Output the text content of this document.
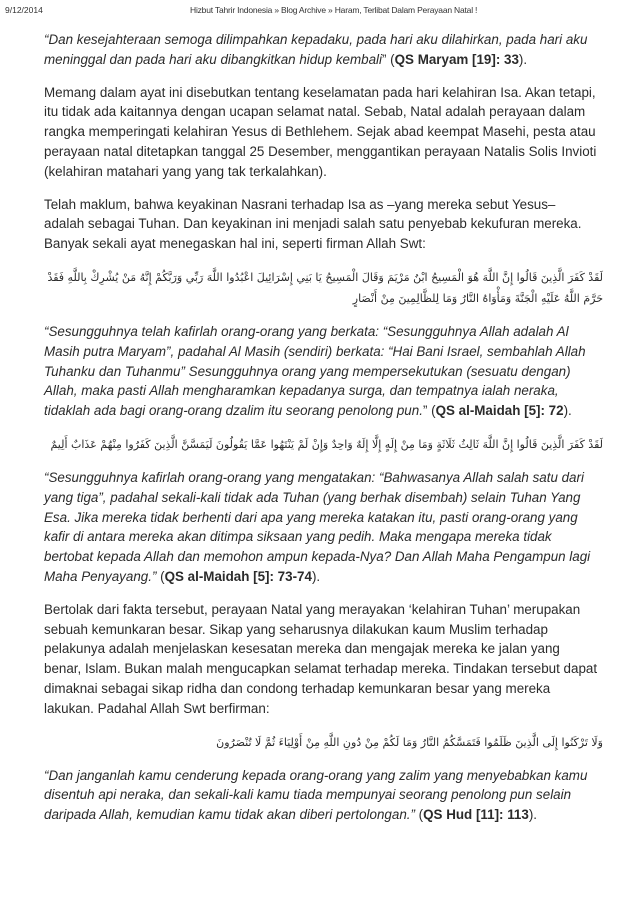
9/12/2014	Hizbut Tahrir Indonesia » Blog Archive » Haram, Terlibat Dalam Perayaan Natal !

“Dan kesejahteraan semoga dilimpahkan kepadaku, pada hari aku dilahirkan, pada hari aku meninggal dan pada hari aku dibangkitkan hidup kembali” (QS Maryam [19]: 33).

Memang dalam ayat ini disebutkan tentang keselamatan pada hari kelahiran Isa. Akan tetapi, itu tidak ada kaitannya dengan ucapan selamat natal. Sebab, Natal adalah perayaan dalam rangka memperingati kelahiran Yesus di Bethlehem. Sejak abad keempat Masehi, pesta atau perayaan natal ditetapkan tanggal 25 Desember, menggantikan perayaan Natalis Solis Invioti (kelahiran matahari yang yang tak terkalahkan).

Telah maklum, bahwa keyakinan Nasrani terhadap Isa as –yang mereka sebut Yesus– adalah sebagai Tuhan. Dan keyakinan ini menjadi salah satu penyebab kekufuran mereka. Banyak sekali ayat menegaskan hal ini, seperti firman Allah Swt:

لَقَدْ كَفَرَ الَّذِينَ قَالُوا إِنَّ اللَّهَ هُوَ الْمَسِيحُ ابْنُ مَرْيَمَ وَقَالَ الْمَسِيحُ يَا بَنِي إِسْرَائِيلَ اعْبُدُوا اللَّهَ رَبِّي وَرَبَّكُمْ إِنَّهُ مَنْ يُشْرِكْ بِاللَّهِ فَقَدْ حَرَّمَ اللَّهُ عَلَيْهِ الْجَنَّةَ وَمَأْوَاهُ النَّارُ وَمَا لِلظَّالِمِينَ مِنْ أَنْصَارٍ

“Sesungguhnya telah kafirlah orang-orang yang berkata: “Sesungguhnya Allah adalah Al Masih putra Maryam”, padahal Al Masih (sendiri) berkata: “Hai Bani Israel, sembahlah Allah Tuhanku dan Tuhanmu” Sesungguhnya orang yang mempersekutukan (sesuatu dengan) Allah, maka pasti Allah mengharamkan kepadanya surga, dan tempatnya ialah neraka, tidaklah ada bagi orang-orang dzalim itu seorang penolong pun.” (QS al-Maidah [5]: 72).

لَقَدْ كَفَرَ الَّذِينَ قَالُوا إِنَّ اللَّهَ ثَالِثُ ثَلَاثَةٍ وَمَا مِنْ إِلَهٍ إِلَّا إِلَهٌ وَاحِدٌ وَإِنْ لَمْ يَنْتَهُوا عَمَّا يَقُولُونَ لَيَمَسَّنَّ الَّذِينَ كَفَرُوا مِنْهُمْ عَذَابٌ أَلِيمٌ

“Sesungguhnya kafirlah orang-orang yang mengatakan: “Bahwasanya Allah salah satu dari yang tiga”, padahal sekali-kali tidak ada Tuhan (yang berhak disembah) selain Tuhan Yang Esa. Jika mereka tidak berhenti dari apa yang mereka katakan itu, pasti orang-orang yang kafir di antara mereka akan ditimpa siksaan yang pedih. Maka mengapa mereka tidak bertobat kepada Allah dan memohon ampun kepada-Nya? Dan Allah Maha Pengampun lagi Maha Penyayang.” (QS al-Maidah [5]: 73-74).

Bertolak dari fakta tersebut, perayaan Natal yang merayakan ‘kelahiran Tuhan’ merupakan sebuah kemunkaran besar. Sikap yang seharusnya dilakukan kaum Muslim terhadap pelakunya adalah menjelaskan kesesatan mereka dan mengajak mereka ke jalan yang benar, Islam. Bukan malah mengucapkan selamat terhadap mereka. Tindakan tersebut dapat dimaknai sebagai sikap ridha dan condong terhadap kemunkaran besar yang mereka lakukan. Padahal Allah Swt berfirman:

وَلَا تَرْكَنُوا إِلَى الَّذِينَ ظَلَمُوا فَتَمَسَّكُمُ النَّارُ وَمَا لَكُمْ مِنْ دُونِ اللَّهِ مِنْ أَوْلِيَاءَ ثُمَّ لَا تُنْصَرُونَ

“Dan janganlah kamu cenderung kepada orang-orang yang zalim yang menyebabkan kamu disentuh api neraka, dan sekali-kali kamu tiada mempunyai seorang penolong pun selain daripada Allah, kemudian kamu tidak akan diberi pertolongan.” (QS Hud [11]: 113).
